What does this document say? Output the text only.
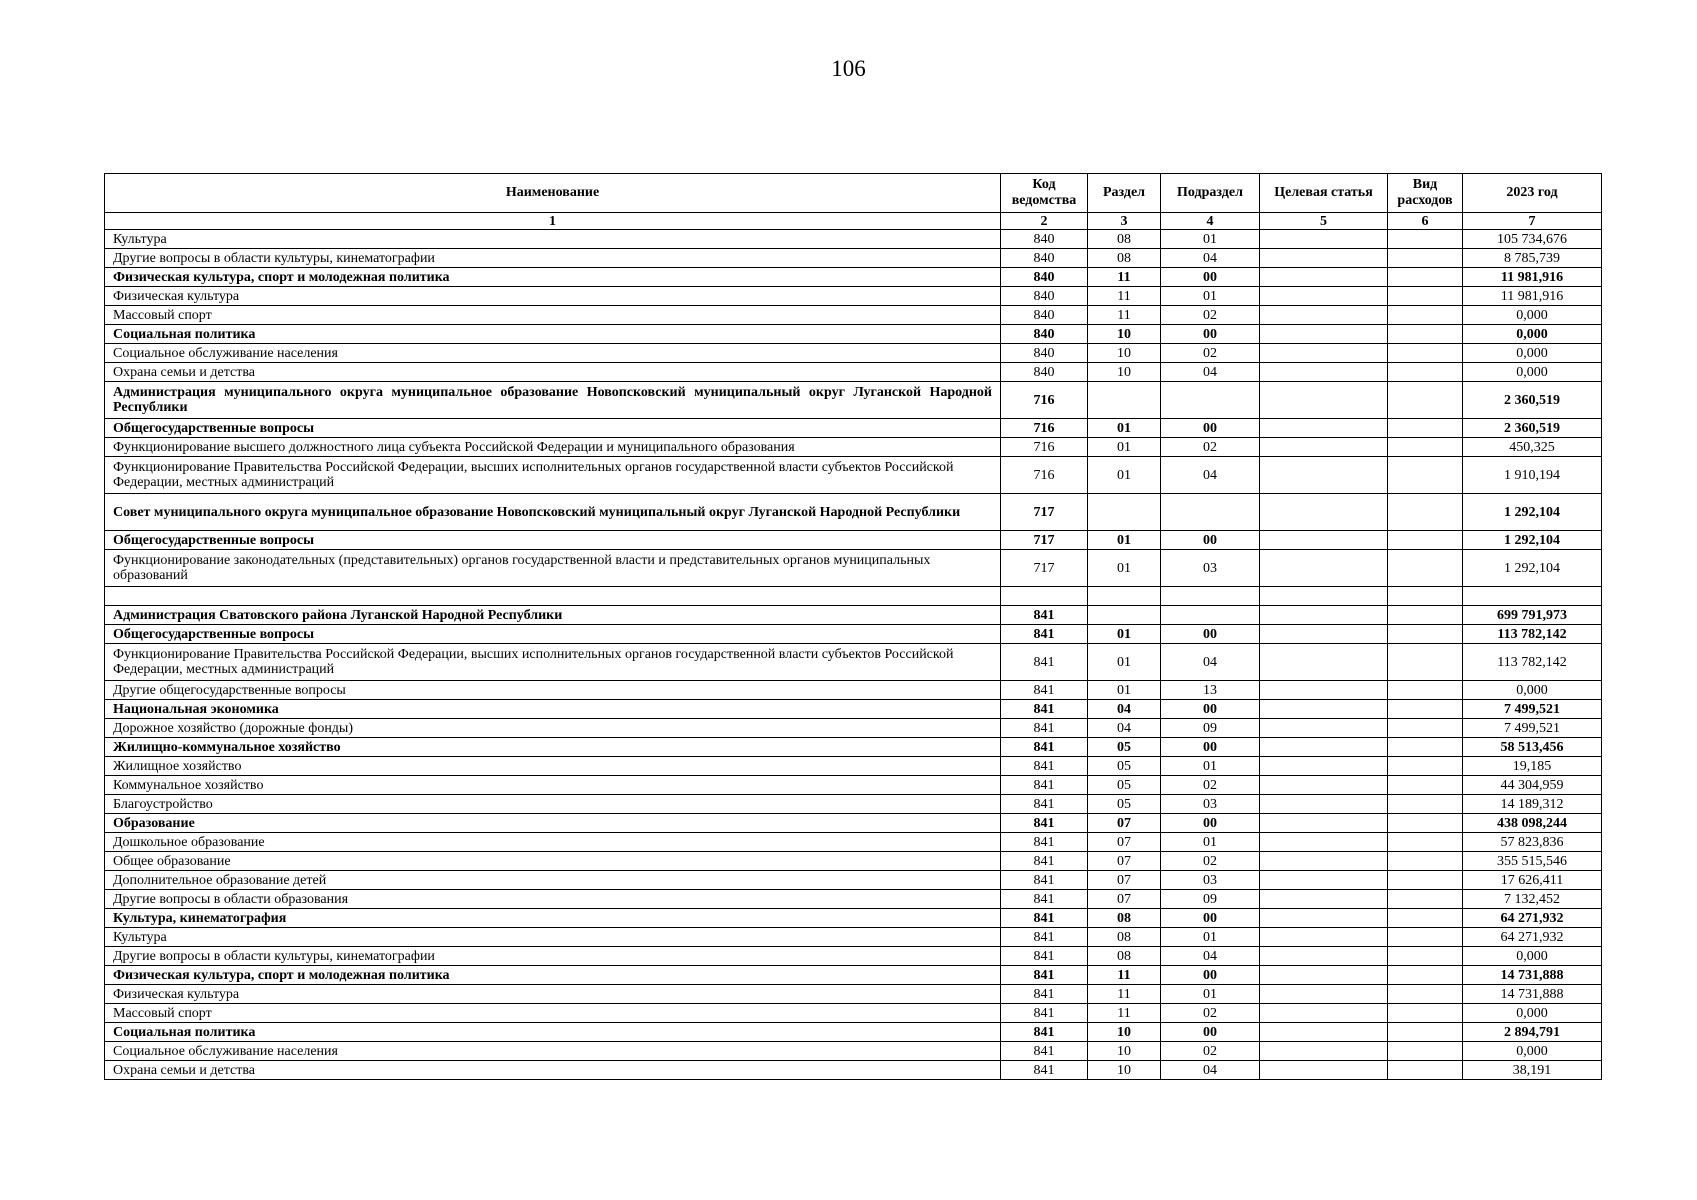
106
Наименование	Код ведомства	Раздел	Подраздел	Целевая статья	Вид расходов	2023 год
1	2	3	4	5	6	7
Культура	840	08	01			105 734,676
Другие вопросы в области культуры, кинематографии	840	08	04			8 785,739
Физическая культура, спорт и молодежная политика	840	11	00			11 981,916
Физическая культура	840	11	01			11 981,916
Массовый спорт	840	11	02			0,000
Социальная политика	840	10	00			0,000
Социальное обслуживание населения	840	10	02			0,000
Охрана семьи и детства	840	10	04			0,000
Администрация муниципального округа муниципальное образование Новопсковский муниципальный округ Луганской Народной Республики	716					2 360,519
Общегосударственные вопросы	716	01	00			2 360,519
Функционирование высшего должностного лица субъекта Российской Федерации и муниципального образования	716	01	02			450,325
Функционирование Правительства Российской Федерации, высших исполнительных органов государственной власти субъектов Российской Федерации, местных администраций	716	01	04			1 910,194
Совет муниципального округа муниципальное образование Новопсковский муниципальный округ Луганской Народной Республики	717					1 292,104
Общегосударственные вопросы	717	01	00			1 292,104
Функционирование законодательных (представительных) органов государственной власти и представительных органов муниципальных образований	717	01	03			1 292,104

Администрация Сватовского района Луганской Народной Республики	841					699 791,973
Общегосударственные вопросы	841	01	00			113 782,142
Функционирование Правительства Российской Федерации, высших исполнительных органов государственной власти субъектов Российской Федерации, местных администраций	841	01	04			113 782,142
Другие общегосударственные вопросы	841	01	13			0,000
Национальная экономика	841	04	00			7 499,521
Дорожное хозяйство (дорожные фонды)	841	04	09			7 499,521
Жилищно-коммунальное хозяйство	841	05	00			58 513,456
Жилищное хозяйство	841	05	01			19,185
Коммунальное хозяйство	841	05	02			44 304,959
Благоустройство	841	05	03			14 189,312
Образование	841	07	00			438 098,244
Дошкольное образование	841	07	01			57 823,836
Общее образование	841	07	02			355 515,546
Дополнительное образование детей	841	07	03			17 626,411
Другие вопросы в области образования	841	07	09			7 132,452
Культура, кинематография	841	08	00			64 271,932
Культура	841	08	01			64 271,932
Другие вопросы в области культуры, кинематографии	841	08	04			0,000
Физическая культура, спорт и молодежная политика	841	11	00			14 731,888
Физическая культура	841	11	01			14 731,888
Массовый спорт	841	11	02			0,000
Социальная политика	841	10	00			2 894,791
Социальное обслуживание населения	841	10	02			0,000
Охрана семьи и детства	841	10	04			38,191
